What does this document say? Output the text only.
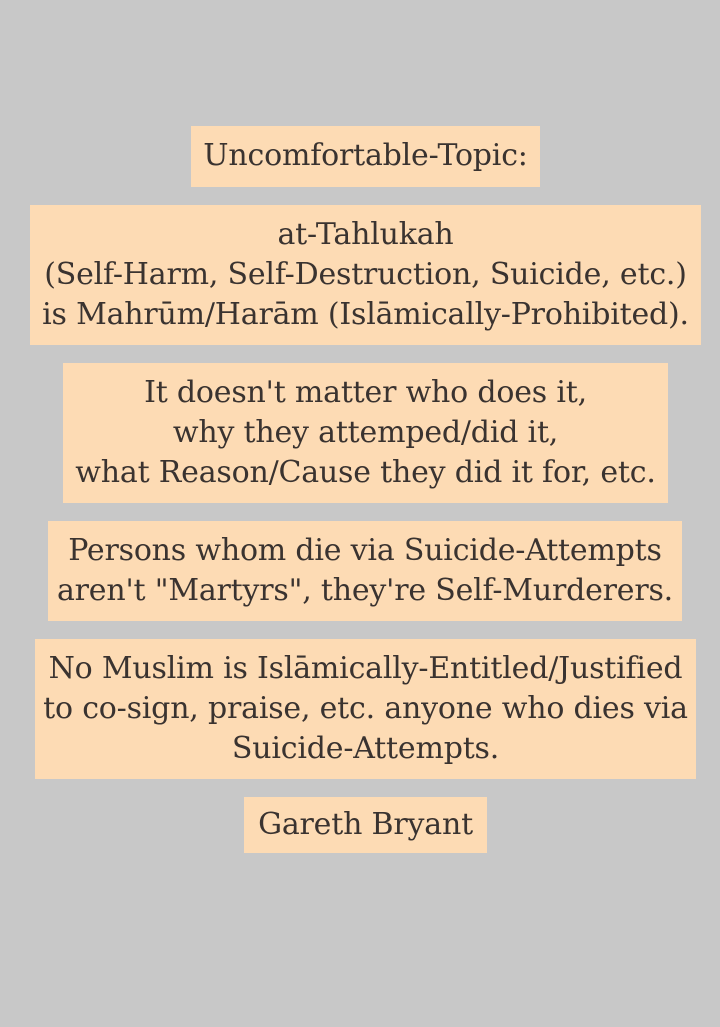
Uncomfortable-Topic:
at-Tahlukah
(Self-Harm, Self-Destruction, Suicide, etc.)
is Mahrūm/Harām (Islāmically-Prohibited).
It doesn't matter who does it,
why they attemped/did it,
what Reason/Cause they did it for, etc.
Persons whom die via Suicide-Attempts
aren't "Martyrs", they're Self-Murderers.
No Muslim is Islāmically-Entitled/Justified
to co-sign, praise, etc. anyone who dies via
Suicide-Attempts.
Gareth Bryant
